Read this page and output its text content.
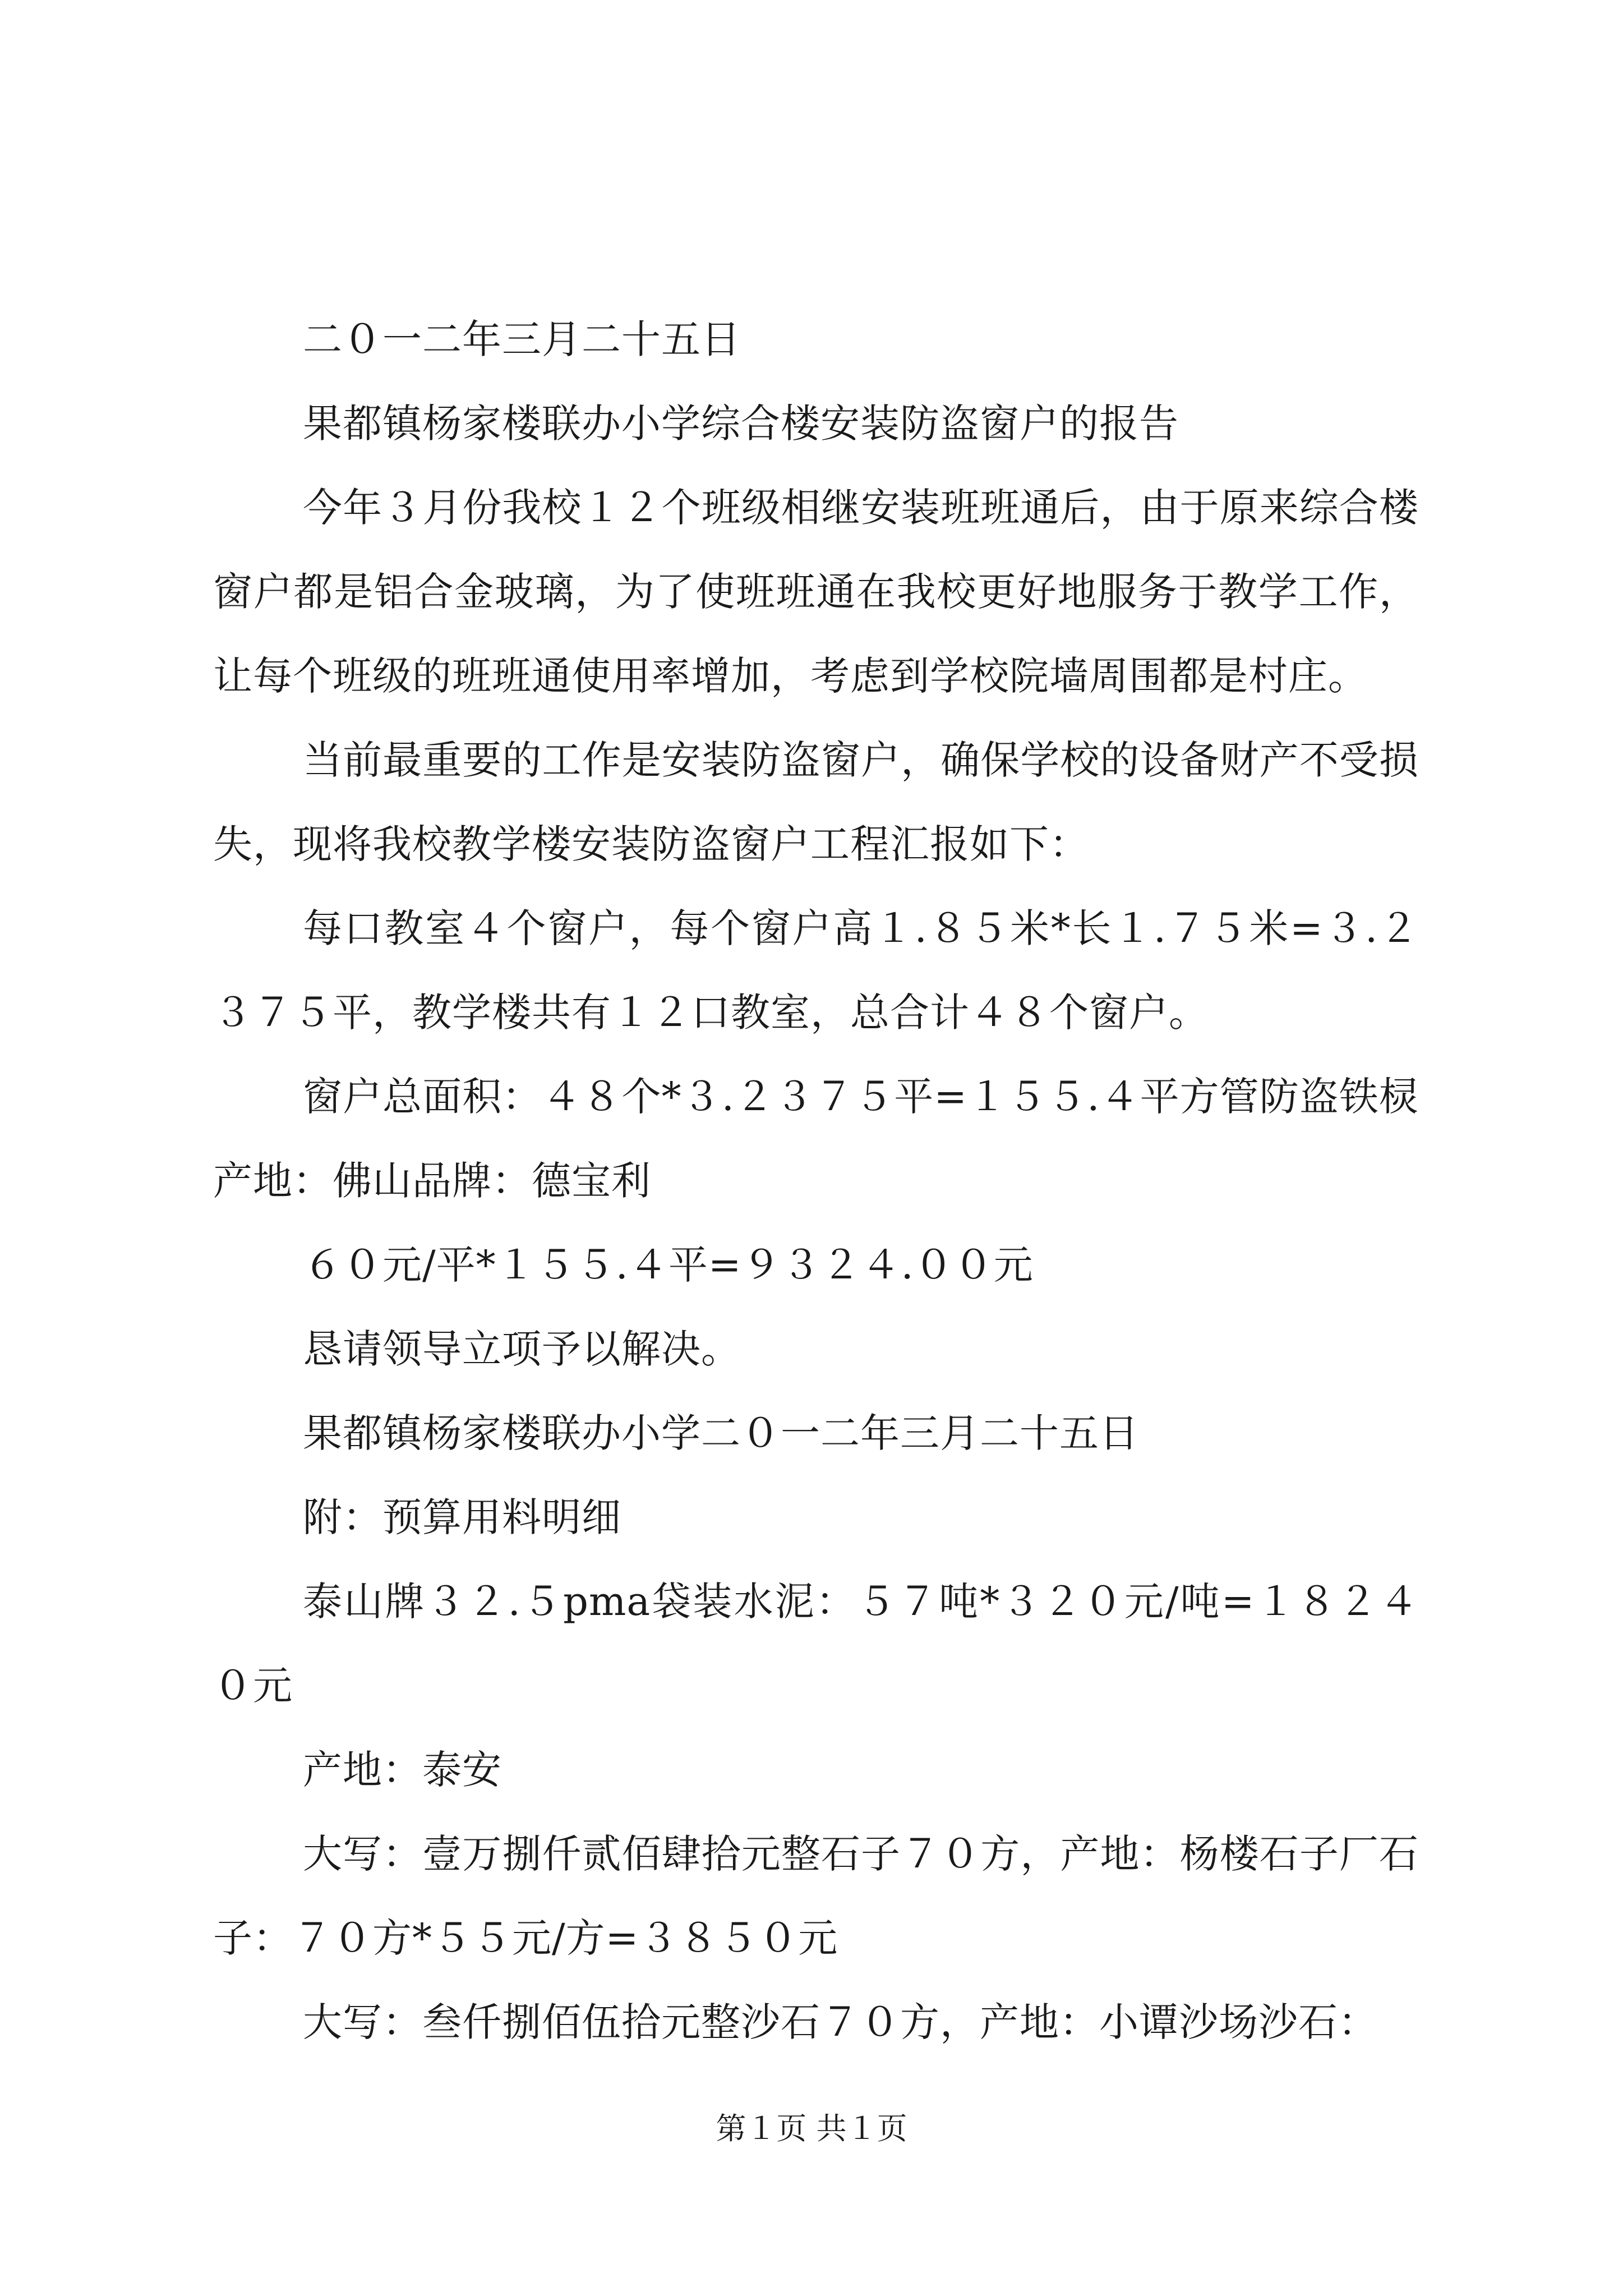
二０一二年三月二十五日

果都镇杨家楼联办小学综合楼安装防盗窗户的报告

今年３月份我校１２个班级相继安装班班通后，由于原来综合楼窗户都是铝合金玻璃，为了使班班通在我校更好地服务于教学工作，让每个班级的班班通使用率增加，考虑到学校院墙周围都是村庄。

当前最重要的工作是安装防盗窗户，确保学校的设备财产不受损失，现将我校教学楼安装防盗窗户工程汇报如下：

每口教室４个窗户，每个窗户高１.８５米*长１.７５米=３.２３７５平，教学楼共有１２口教室，总合计４８个窗户。

窗户总面积：４８个*３.２３７５平=１５５.４平方管防盗铁棂产地：佛山品牌：德宝利

６０元/平*１５５.４平=９３２４.００元

恳请领导立项予以解决。

果都镇杨家楼联办小学二０一二年三月二十五日

附：预算用料明细

泰山牌３２.５pma袋装水泥：５７吨*３２０元/吨=１８２４０元

产地：泰安

大写：壹万捌仟贰佰肆拾元整石子７０方，产地：杨楼石子厂石子：７０方*５５元/方=３８５０元

大写：叁仟捌佰伍拾元整沙石７０方，产地：小谭沙场沙石：

第１页 共１页
